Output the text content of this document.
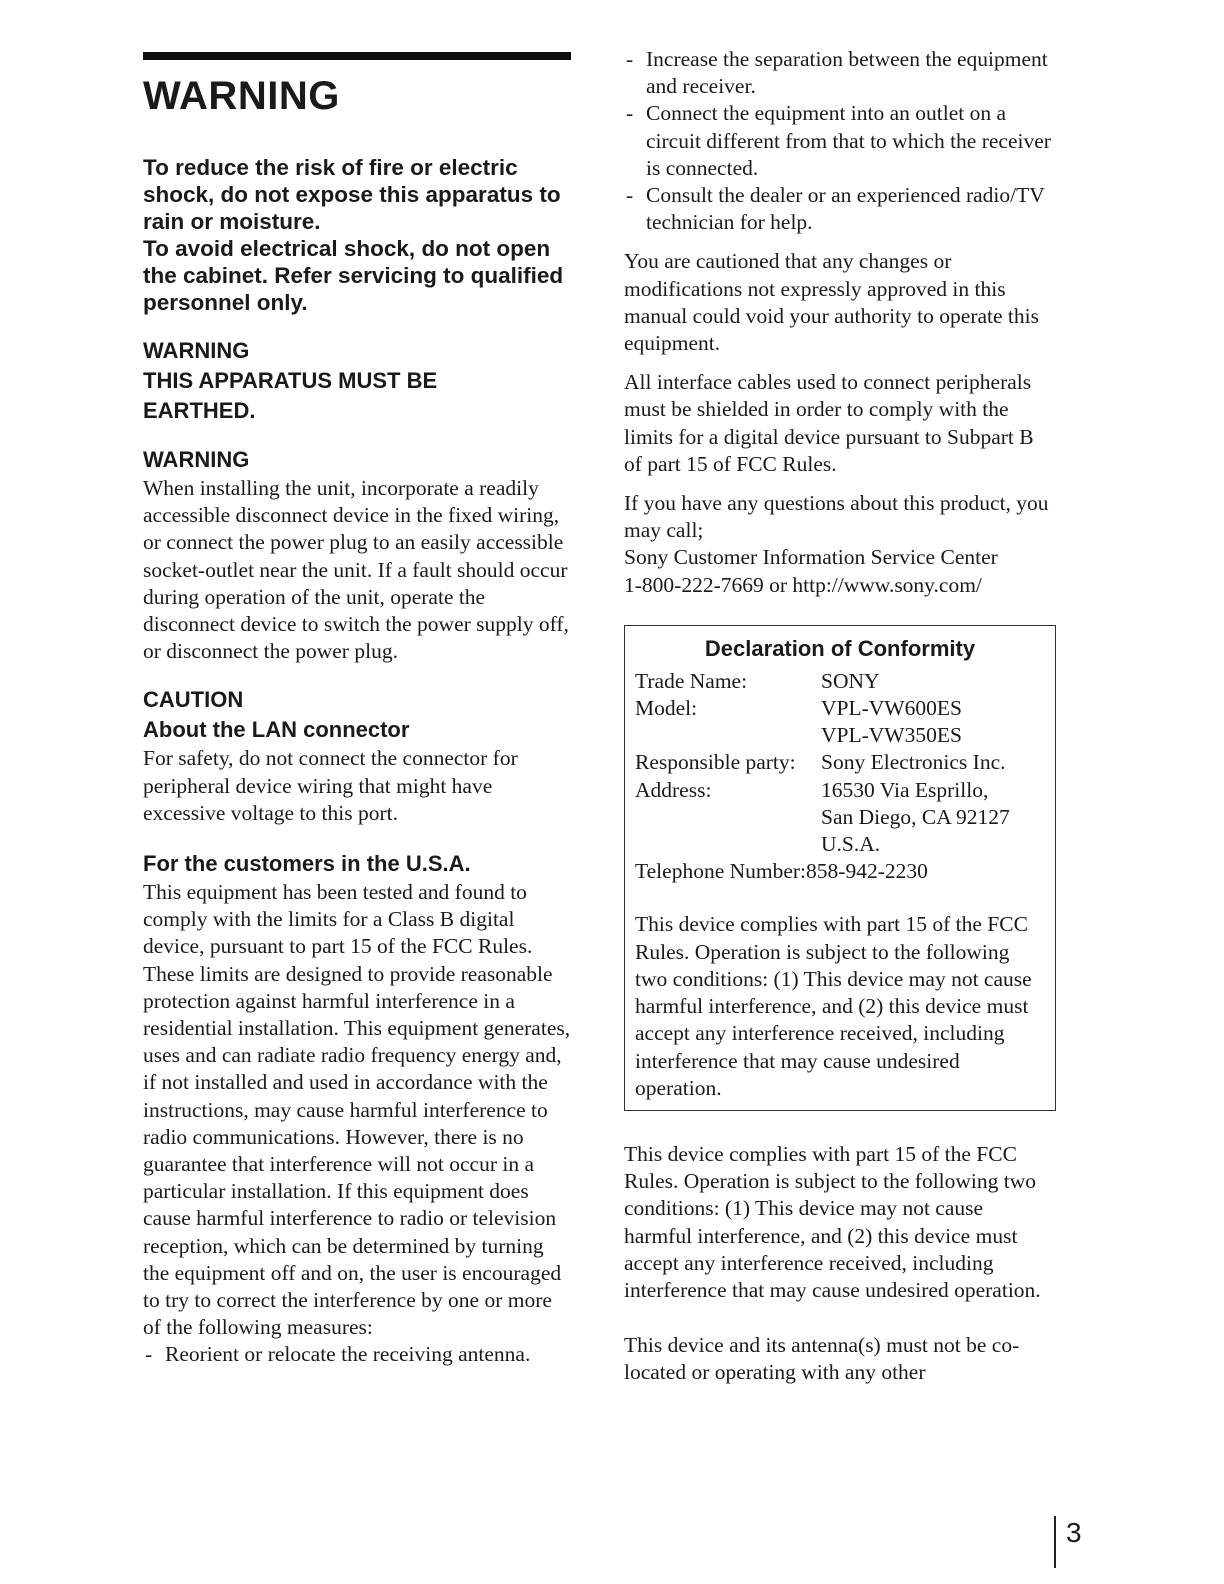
WARNING
To reduce the risk of fire or electric shock, do not expose this apparatus to rain or moisture.
To avoid electrical shock, do not open the cabinet. Refer servicing to qualified personnel only.
WARNING
THIS APPARATUS MUST BE EARTHED.
WARNING
When installing the unit, incorporate a readily accessible disconnect device in the fixed wiring, or connect the power plug to an easily accessible socket-outlet near the unit. If a fault should occur during operation of the unit, operate the disconnect device to switch the power supply off, or disconnect the power plug.
CAUTION
About the LAN connector
For safety, do not connect the connector for peripheral device wiring that might have excessive voltage to this port.
For the customers in the U.S.A.
This equipment has been tested and found to comply with the limits for a Class B digital device, pursuant to part 15 of the FCC Rules. These limits are designed to provide reasonable protection against harmful interference in a residential installation. This equipment generates, uses and can radiate radio frequency energy and, if not installed and used in accordance with the instructions, may cause harmful interference to radio communications. However, there is no guarantee that interference will not occur in a particular installation. If this equipment does cause harmful interference to radio or television reception, which can be determined by turning the equipment off and on, the user is encouraged to try to correct the interference by one or more of the following measures:
- Reorient or relocate the receiving antenna.
- Increase the separation between the equipment and receiver.
- Connect the equipment into an outlet on a circuit different from that to which the receiver is connected.
- Consult the dealer or an experienced radio/TV technician for help.
You are cautioned that any changes or modifications not expressly approved in this manual could void your authority to operate this equipment.
All interface cables used to connect peripherals must be shielded in order to comply with the limits for a digital device pursuant to Subpart B of part 15 of FCC Rules.
If you have any questions about this product, you may call;
Sony Customer Information Service Center
1-800-222-7669 or http://www.sony.com/
Declaration of Conformity
Trade Name:	SONY
Model:	VPL-VW600ES
VPL-VW350ES
Responsible party:	Sony Electronics Inc.
Address:	16530 Via Esprillo,
San Diego, CA 92127
U.S.A.
Telephone Number:858-942-2230
This device complies with part 15 of the FCC Rules. Operation is subject to the following two conditions: (1) This device may not cause harmful interference, and (2) this device must accept any interference received, including interference that may cause undesired operation.
This device complies with part 15 of the FCC Rules. Operation is subject to the following two conditions: (1) This device may not cause harmful interference, and (2) this device must accept any interference received, including interference that may cause undesired operation.
This device and its antenna(s) must not be co-located or operating with any other
3
